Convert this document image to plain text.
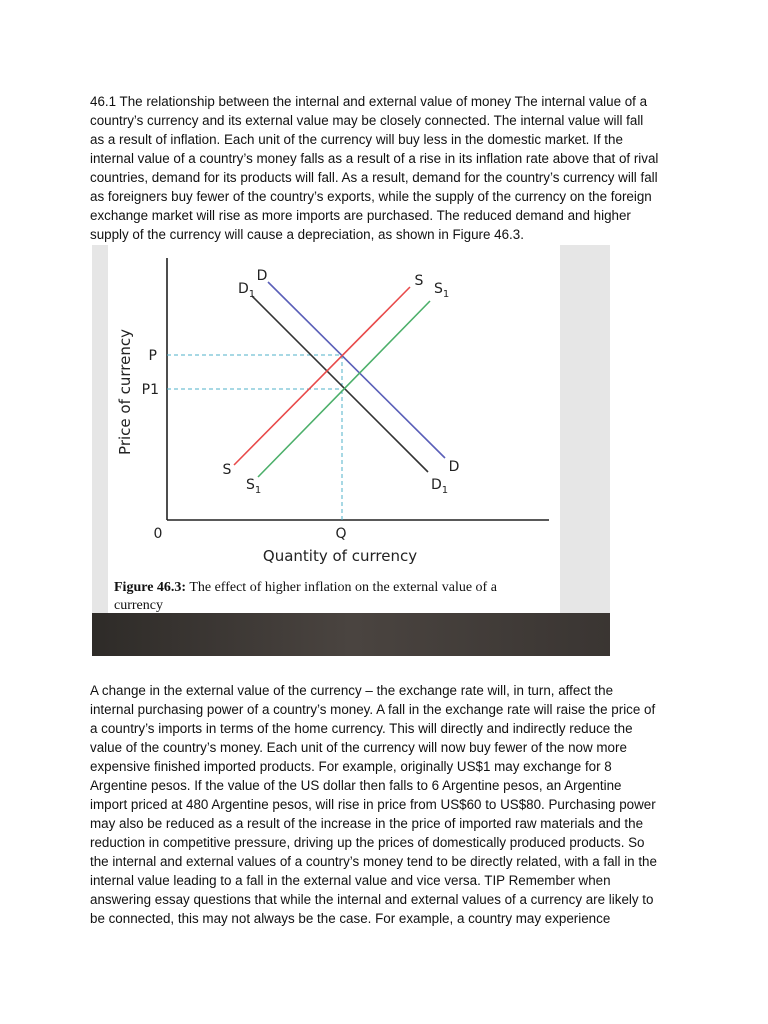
46.1 The relationship between the internal and external value of money The internal value of a
country’s currency and its external value may be closely connected. The internal value will fall
as a result of inflation. Each unit of the currency will buy less in the domestic market. If the
internal value of a country’s money falls as a result of a rise in its inflation rate above that of rival
countries, demand for its products will fall. As a result, demand for the country’s currency will fall
as foreigners buy fewer of the country’s exports, while the supply of the currency on the foreign
exchange market will rise as more imports are purchased. The reduced demand and higher
supply of the currency will cause a depreciation, as shown in Figure 46.3.

Price of currency
Quantity of currency
0
P
P1
Q
D
$D_1$
S $S_1$
S
$S_1$
D
$D_1$
Figure 46.3: The effect of higher inflation on the external value of a
currency

A change in the external value of the currency – the exchange rate will, in turn, affect the
internal purchasing power of a country’s money. A fall in the exchange rate will raise the price of
a country’s imports in terms of the home currency. This will directly and indirectly reduce the
value of the country’s money. Each unit of the currency will now buy fewer of the now more
expensive finished imported products. For example, originally US$1 may exchange for 8
Argentine pesos. If the value of the US dollar then falls to 6 Argentine pesos, an Argentine
import priced at 480 Argentine pesos, will rise in price from US$60 to US$80. Purchasing power
may also be reduced as a result of the increase in the price of imported raw materials and the
reduction in competitive pressure, driving up the prices of domestically produced products. So
the internal and external values of a country’s money tend to be directly related, with a fall in the
internal value leading to a fall in the external value and vice versa. TIP Remember when
answering essay questions that while the internal and external values of a currency are likely to
be connected, this may not always be the case. For example, a country may experience
